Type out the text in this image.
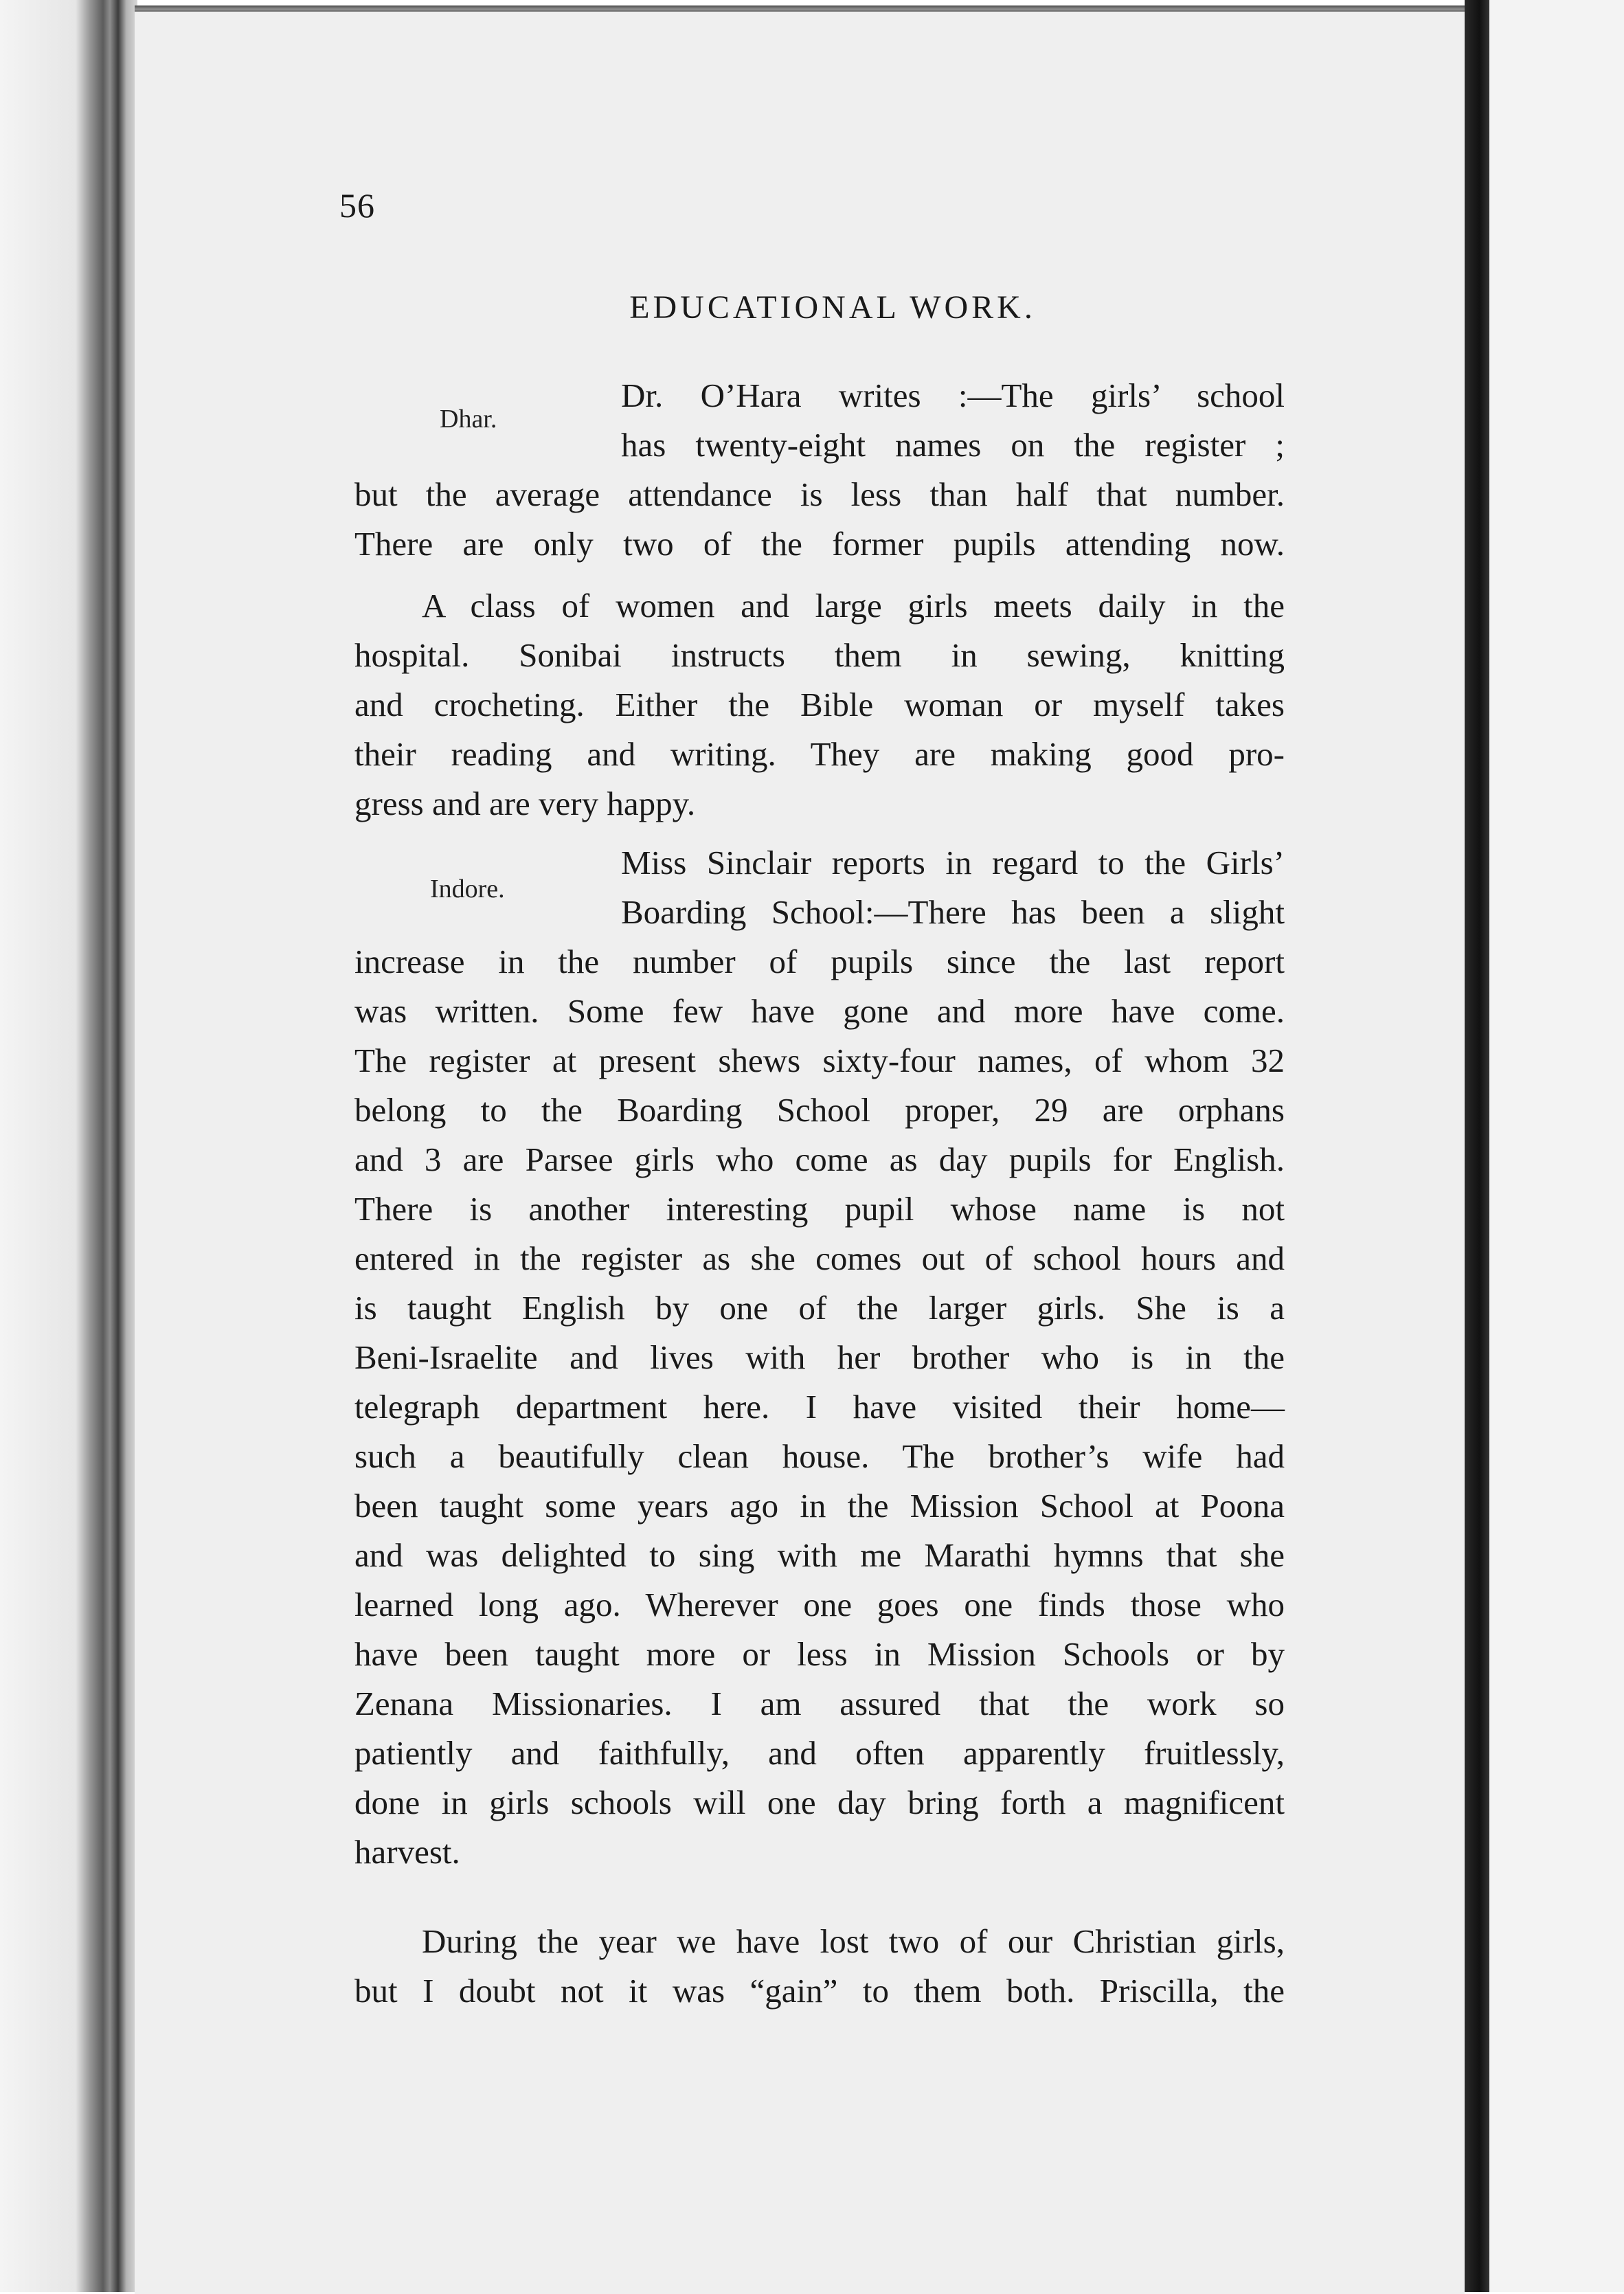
56
EDUCATIONAL WORK.
Dhar.
Dr. O’Hara writes :—The girls’ school
has twenty-eight names on the register ;
but the average attendance is less than half that number.
There are only two of the former pupils attending now.
A class of women and large girls meets daily in the
hospital. Sonibai instructs them in sewing, knitting
and crocheting. Either the Bible woman or myself takes
their reading and writing. They are making good pro-
gress and are very happy.
Indore.
Miss Sinclair reports in regard to the Girls’
Boarding School:—There has been a slight
increase in the number of pupils since the last report
was written. Some few have gone and more have come.
The register at present shews sixty-four names, of whom 32
belong to the Boarding School proper, 29 are orphans
and 3 are Parsee girls who come as day pupils for English.
There is another interesting pupil whose name is not
entered in the register as she comes out of school hours and
is taught English by one of the larger girls. She is a
Beni-Israelite and lives with her brother who is in the
telegraph department here. I have visited their home—
such a beautifully clean house. The brother’s wife had
been taught some years ago in the Mission School at Poona
and was delighted to sing with me Marathi hymns that she
learned long ago. Wherever one goes one finds those who
have been taught more or less in Mission Schools or by
Zenana Missionaries. I am assured that the work so
patiently and faithfully, and often apparently fruitlessly,
done in girls schools will one day bring forth a magnificent
harvest.
During the year we have lost two of our Christian girls,
but I doubt not it was “gain” to them both. Priscilla, the
